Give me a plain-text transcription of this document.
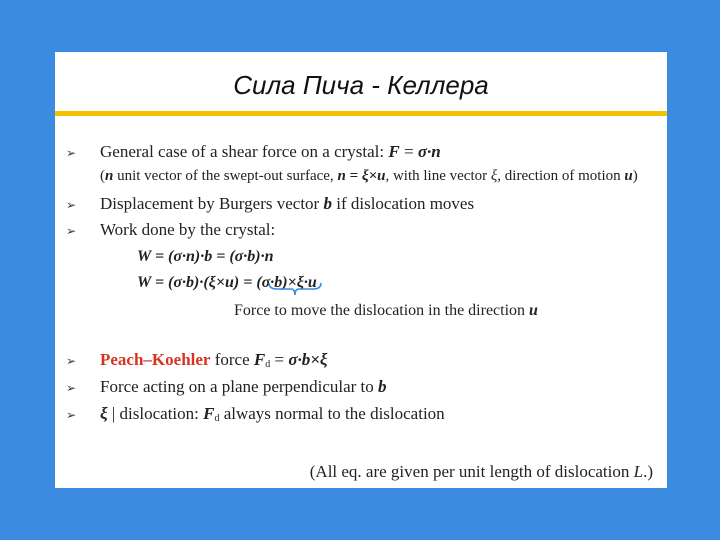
Сила Пича - Келлера
➢ General case of a shear force on a crystal: F = σ·n
(n unit vector of the swept-out surface, n = ξ×u, with line vector ξ, direction of motion u)
➢ Displacement by Burgers vector b if dislocation moves
➢ Work done by the crystal:
W = (σ·n)·b = (σ·b)·n
W = (σ·b)·(ξ×u) = (σ·b)×ξ·u
Force to move the dislocation in the direction u
➢ Peach–Koehler force Fd = σ·b×ξ
➢ Force acting on a plane perpendicular to b
➢ ξ | dislocation: Fd always normal to the dislocation
(All eq. are given per unit length of dislocation L.)
